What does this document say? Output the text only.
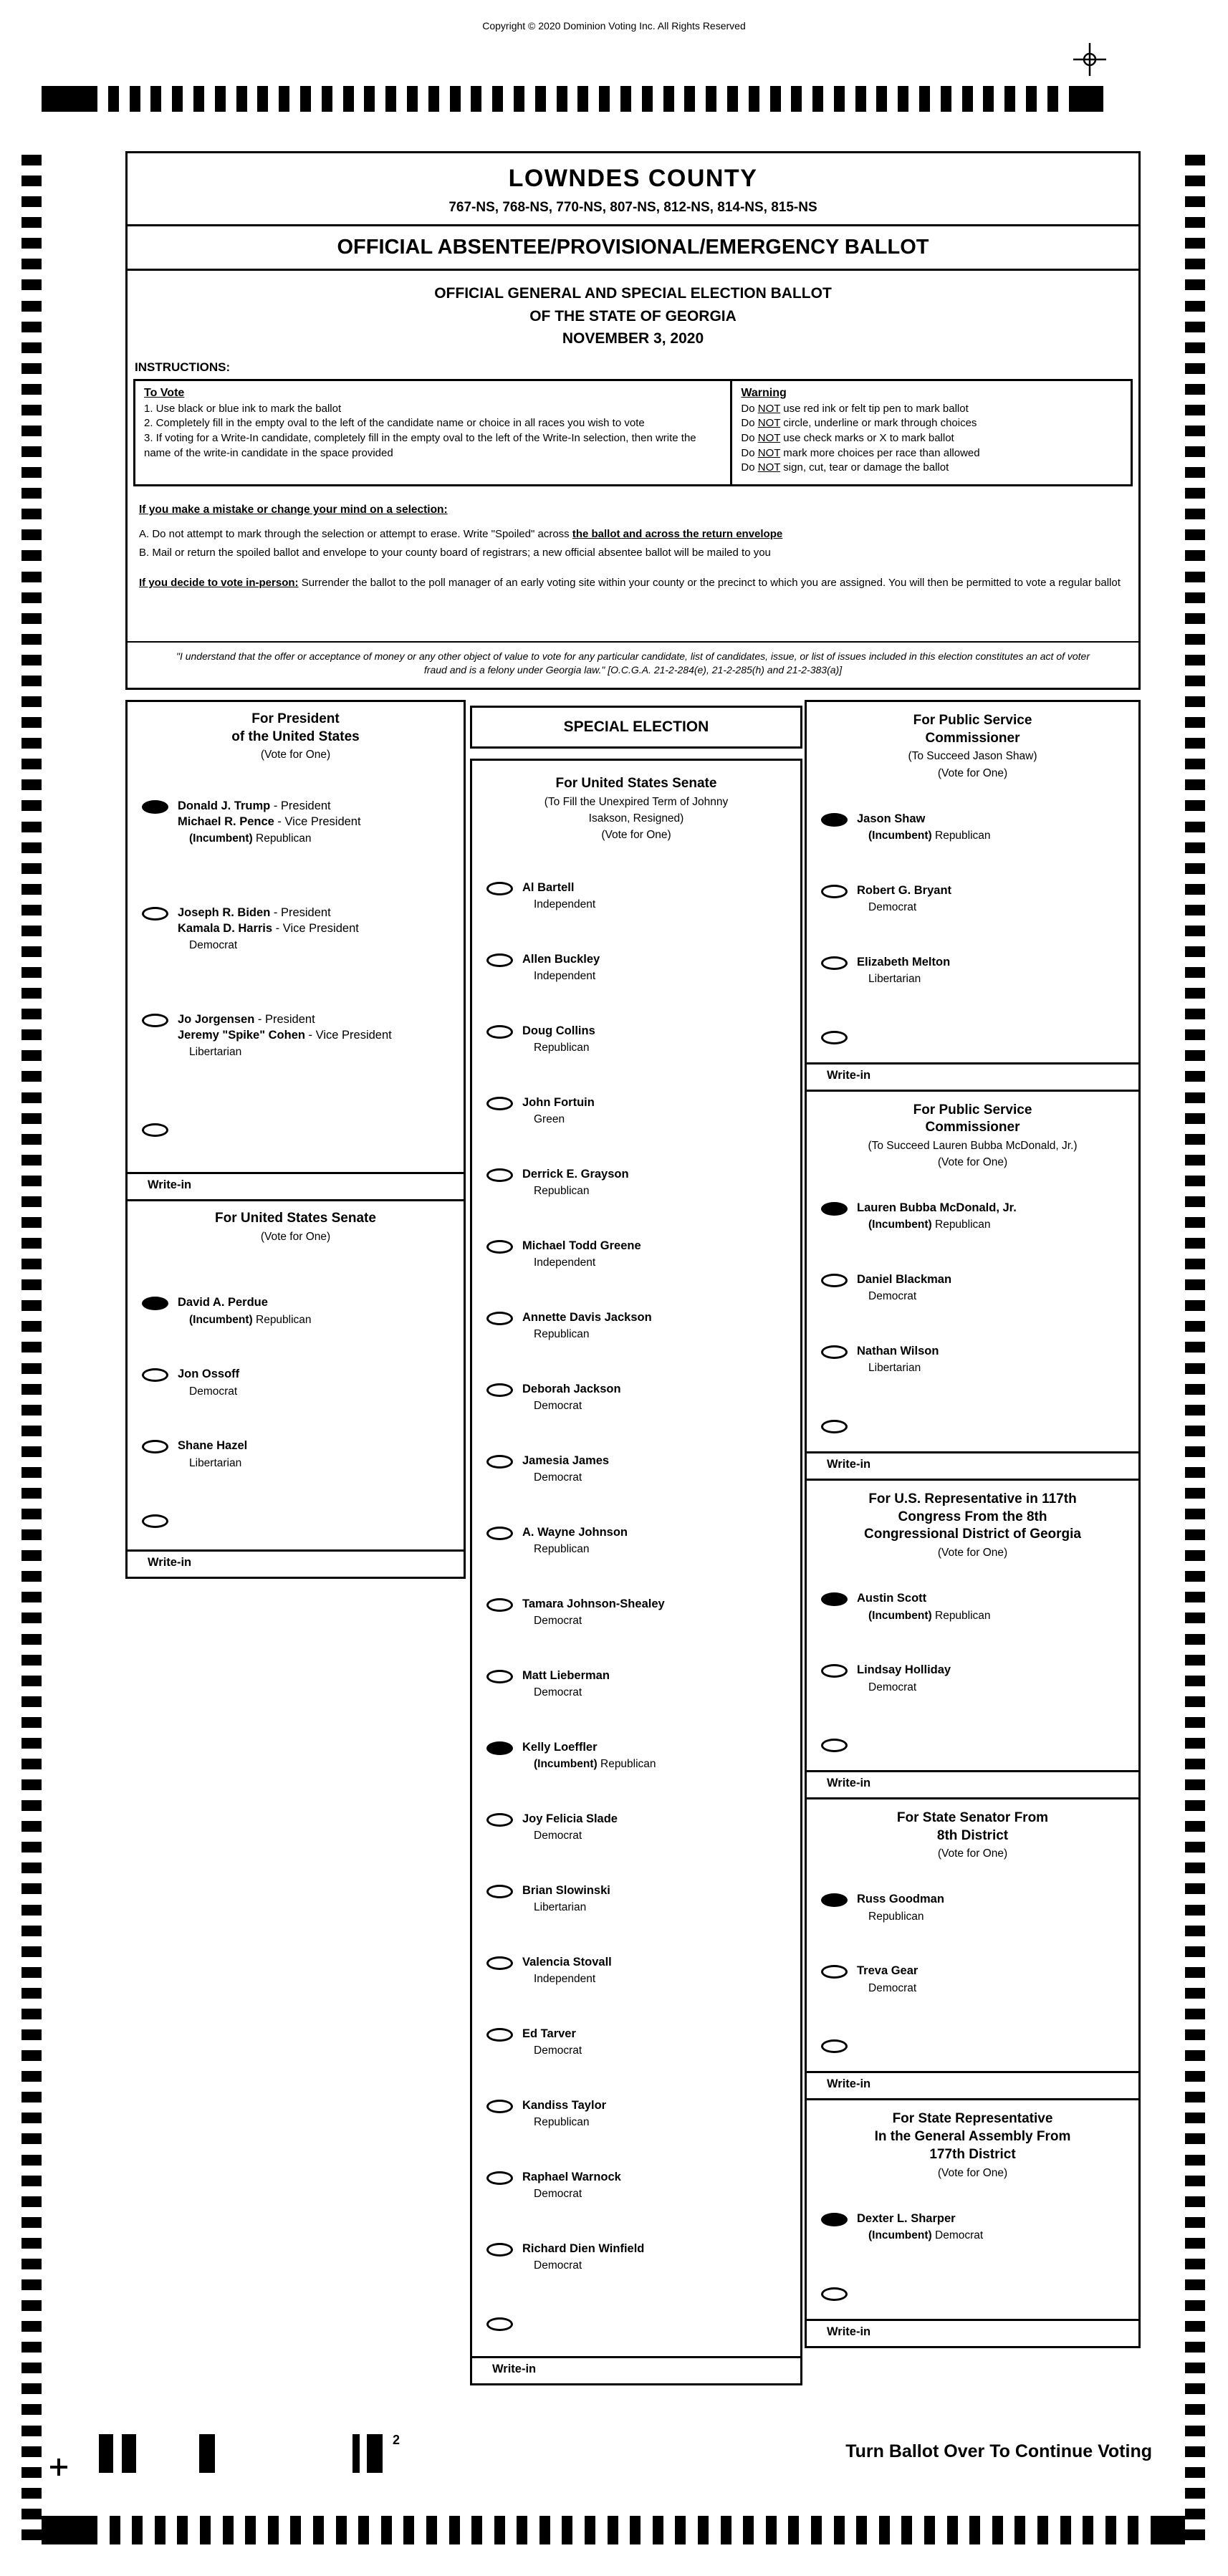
Copyright © 2020 Dominion Voting Inc. All Rights Reserved
LOWNDES COUNTY
767-NS, 768-NS, 770-NS, 807-NS, 812-NS, 814-NS, 815-NS
OFFICIAL ABSENTEE/PROVISIONAL/EMERGENCY BALLOT
OFFICIAL GENERAL AND SPECIAL ELECTION BALLOT
OF THE STATE OF GEORGIA
NOVEMBER 3, 2020
INSTRUCTIONS:
To Vote
1. Use black or blue ink to mark the ballot
2. Completely fill in the empty oval to the left of the candidate name or choice in all races you wish to vote
3. If voting for a Write-In candidate, completely fill in the empty oval to the left of the Write-In selection, then write the name of the write-in candidate in the space provided
Warning
Do NOT use red ink or felt tip pen to mark ballot
Do NOT circle, underline or mark through choices
Do NOT use check marks or X to mark ballot
Do NOT mark more choices per race than allowed
Do NOT sign, cut, tear or damage the ballot
If you make a mistake or change your mind on a selection:
A. Do not attempt to mark through the selection or attempt to erase. Write "Spoiled" across the ballot and across the return envelope
B. Mail or return the spoiled ballot and envelope to your county board of registrars; a new official absentee ballot will be mailed to you
If you decide to vote in-person: Surrender the ballot to the poll manager of an early voting site within your county or the precinct to which you are assigned. You will then be permitted to vote a regular ballot
"I understand that the offer or acceptance of money or any other object of value to vote for any particular candidate, list of candidates, issue, or list of issues included in this election constitutes an act of voter fraud and is a felony under Georgia law." [O.C.G.A. 21-2-284(e), 21-2-285(h) and 21-2-383(a)]
For President
of the United States
(Vote for One)
Donald J. Trump - President
Michael R. Pence - Vice President
(Incumbent) Republican
Joseph R. Biden - President
Kamala D. Harris - Vice President
Democrat
Jo Jorgensen - President
Jeremy "Spike" Cohen - Vice President
Libertarian
Write-in
For United States Senate
(Vote for One)
David A. Perdue
(Incumbent) Republican
Jon Ossoff
Democrat
Shane Hazel
Libertarian
Write-in
SPECIAL ELECTION
For United States Senate
(To Fill the Unexpired Term of Johnny
Isakson, Resigned)
(Vote for One)
Al Bartell
Independent
Allen Buckley
Independent
Doug Collins
Republican
John Fortuin
Green
Derrick E. Grayson
Republican
Michael Todd Greene
Independent
Annette Davis Jackson
Republican
Deborah Jackson
Democrat
Jamesia James
Democrat
A. Wayne Johnson
Republican
Tamara Johnson-Shealey
Democrat
Matt Lieberman
Democrat
Kelly Loeffler
(Incumbent) Republican
Joy Felicia Slade
Democrat
Brian Slowinski
Libertarian
Valencia Stovall
Independent
Ed Tarver
Democrat
Kandiss Taylor
Republican
Raphael Warnock
Democrat
Richard Dien Winfield
Democrat
Write-in
For Public Service
Commissioner
(To Succeed Jason Shaw)
(Vote for One)
Jason Shaw
(Incumbent) Republican
Robert G. Bryant
Democrat
Elizabeth Melton
Libertarian
Write-in
For Public Service
Commissioner
(To Succeed Lauren Bubba McDonald, Jr.)
(Vote for One)
Lauren Bubba McDonald, Jr.
(Incumbent) Republican
Daniel Blackman
Democrat
Nathan Wilson
Libertarian
Write-in
For U.S. Representative in 117th
Congress From the 8th
Congressional District of Georgia
(Vote for One)
Austin Scott
(Incumbent) Republican
Lindsay Holliday
Democrat
Write-in
For State Senator From
8th District
(Vote for One)
Russ Goodman
Republican
Treva Gear
Democrat
Write-in
For State Representative
In the General Assembly From
177th District
(Vote for One)
Dexter L. Sharper
(Incumbent) Democrat
Write-in
2
Turn Ballot Over To Continue Voting
